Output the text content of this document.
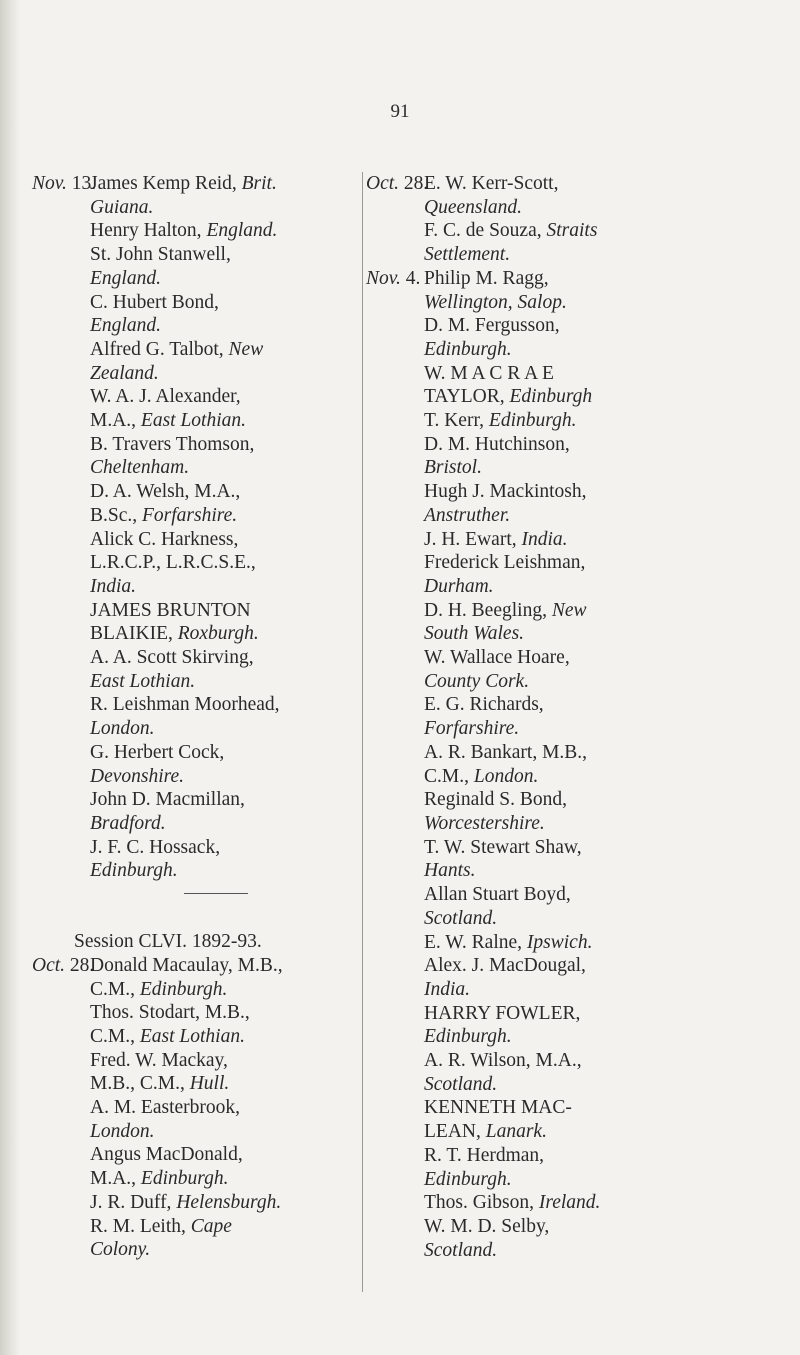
91
Nov. 13.
James Kemp Reid, Brit.
Guiana.
Henry Halton, England.
St. John Stanwell,
England.
C. Hubert Bond,
England.
Alfred G. Talbot, New
Zealand.
W. A. J. Alexander,
M.A., East Lothian.
B. Travers Thomson,
Cheltenham.
D. A. Welsh, M.A.,
B.Sc., Forfarshire.
Alick C. Harkness,
L.R.C.P., L.R.C.S.E.,
India.
JAMES BRUNTON
BLAIKIE, Roxburgh.
A. A. Scott Skirving,
East Lothian.
R. Leishman Moorhead,
London.
G. Herbert Cock,
Devonshire.
John D. Macmillan,
Bradford.
J. F. C. Hossack,
Edinburgh.
Session CLVI. 1892-93.
Oct. 28.
Donald Macaulay, M.B.,
C.M., Edinburgh.
Thos. Stodart, M.B.,
C.M., East Lothian.
Fred. W. Mackay,
M.B., C.M., Hull.
A. M. Easterbrook,
London.
Angus MacDonald,
M.A., Edinburgh.
J. R. Duff, Helensburgh.
R. M. Leith, Cape
Colony.
Oct. 28.
E. W. Kerr-Scott,
Queensland.
F. C. de Souza, Straits
Settlement.
Nov. 4. Philip M. Ragg,
Wellington, Salop.
D. M. Fergusson,
Edinburgh.
W. M A C R A E
TAYLOR, Edinburgh
T. Kerr, Edinburgh.
D. M. Hutchinson,
Bristol.
Hugh J. Mackintosh,
Anstruther.
J. H. Ewart, India.
Frederick Leishman,
Durham.
D. H. Beegling, New
South Wales.
W. Wallace Hoare,
County Cork.
E. G. Richards,
Forfarshire.
A. R. Bankart, M.B.,
C.M., London.
Reginald S. Bond,
Worcestershire.
T. W. Stewart Shaw,
Hants.
Allan Stuart Boyd,
Scotland.
E. W. Ralne, Ipswich.
Alex. J. MacDougal,
India.
HARRY FOWLER,
Edinburgh.
A. R. Wilson, M.A.,
Scotland.
KENNETH MAC-
LEAN, Lanark.
R. T. Herdman,
Edinburgh.
Thos. Gibson, Ireland.
W. M. D. Selby,
Scotland.
